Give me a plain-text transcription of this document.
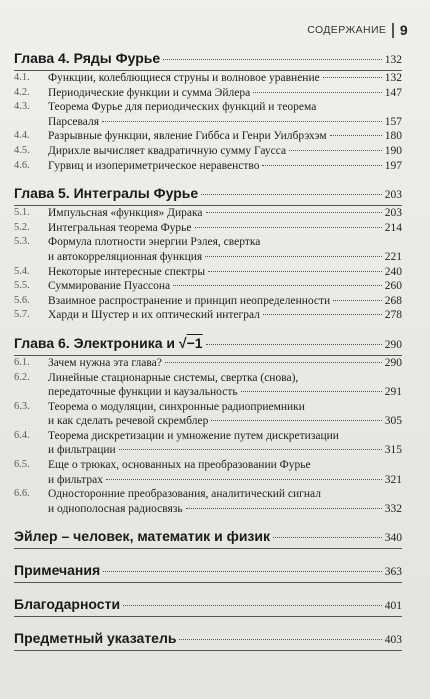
СОДЕРЖАНИЕ 9
Глава 4. Ряды Фурье	132
4.1.	Функции, колеблющиеся струны и волновое уравнение	132
4.2.	Периодические функции и сумма Эйлера	147
4.3.	Теорема Фурье для периодических функций и теорема
Парсеваля	157
4.4.	Разрывные функции, явление Гиббса и Генри Уилбрэхэм	180
4.5.	Дирихле вычисляет квадратичную сумму Гаусса	190
4.6.	Гурвиц и изопериметрическое неравенство	197
Глава 5. Интегралы Фурье	203
5.1.	Импульсная «функция» Дирака	203
5.2.	Интегральная теорема Фурье	214
5.3.	Формула плотности энергии Рэлея, свертка
и автокорреляционная функция	221
5.4.	Некоторые интересные спектры	240
5.5.	Суммирование Пуассона	260
5.6.	Взаимное распространение и принцип неопределенности	268
5.7.	Харди и Шустер и их оптический интеграл	278
Глава 6. Электроника и √−1	290
6.1.	Зачем нужна эта глава?	290
6.2.	Линейные стационарные системы, свертка (снова),
передаточные функции и каузальность	291
6.3.	Теорема о модуляции, синхронные радиоприемники
и как сделать речевой скремблер	305
6.4.	Теорема дискретизации и умножение путем дискретизации
и фильтрации	315
6.5.	Еще о трюках, основанных на преобразовании Фурье
и фильтрах	321
6.6.	Односторонние преобразования, аналитический сигнал
и однополосная радиосвязь	332
Эйлер – человек, математик и физик	340
Примечания	363
Благодарности	401
Предметный указатель	403
